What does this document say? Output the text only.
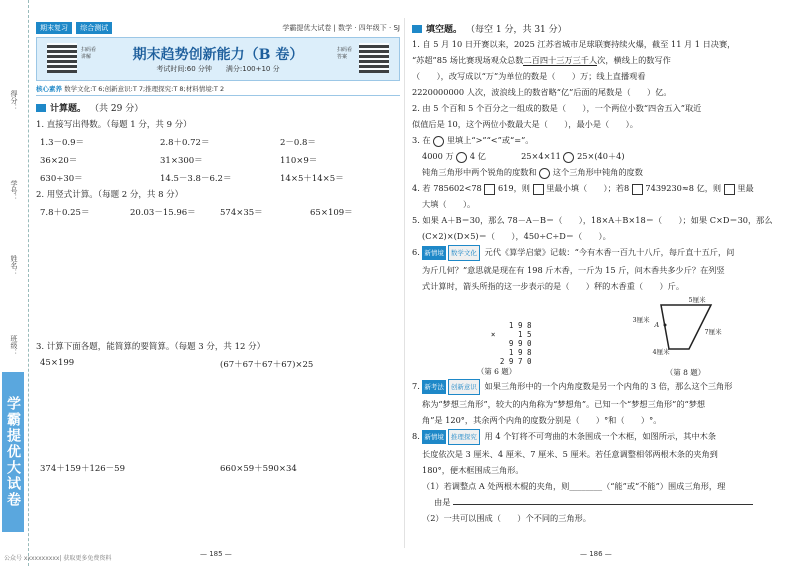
得分：
学号：
姓名：
班级：
学霸提优大试卷
公众号 xxxxxxxxxx| 获取更多免费资料
期末复习 综合测试	学霸提优大试卷 | 数学 · 四年级下 · SJ
扫码看讲解	期末趋势创新能力（B 卷）
考试时间:60 分钟　　满分:100+10 分
扫码看答案
核心素养 数学文化:T 6;创新意识:T 7;推理探究:T 8;材料情境:T 2
计算题。 （共 29 分）
1. 直接写出得数。（每题 1 分，共 9 分）
1.3－0.9＝	2.8＋0.72＝	2－0.8＝
36×20＝	31×300＝	110×9＝
630÷30＝	14.5－3.8－6.2＝	14×5＋14×5＝
2. 用竖式计算。（每题 2 分，共 8 分）
7.8＋0.25＝	20.03－15.96＝	574×35＝	65×109＝
3. 计算下面各题，能简算的要简算。（每题 3 分，共 12 分）
45×199	(67＋67＋67＋67)×25
374＋159＋126－59	660×59＋590×34
— 185 —
填空题。 （每空 1 分，共 31 分）
1. 自 5 月 10 日开赛以来，2025 江苏省城市足球联赛持续火爆，截至 11 月 1 日决赛，
“苏超”85 场比赛现场观众总数二百四十三万三千人次，横线上的数写作
（　　），改写成以“万”为单位的数是（　　）万；线上直播观看
2220000000 人次，波浪线上的数省略“亿”后面的尾数是（　　）亿。
2. 由 5 个百和 5 个百分之一组成的数是（　　），一个两位小数“四舍五入”取近
似值后是 10，这个两位小数最大是（　　），最小是（　　）。
3. 在 里填上“>”“<”或“=”。
4000 万 4 亿	25×4×11 25×(40＋4)
钝角三角形中两个锐角的度数和 这个三角形中钝角的度数
4. 若 785602<78 619，则 里最小填（　　）；若8 7439230≈8 亿，则 里最
大填（　　）。
5. 如果 A＋B＝30，那么 78－A－B＝（　　），18×A＋B×18＝（　　）；如果 C×D＝30，那么
(C×2)×(D×5)＝（　　），450÷C÷D＝（　　）。
6. 新情境 数学文化 元代《算学启蒙》记载：“今有木香一百九十八斤，每斤直十五斤，问
为斤几何？”意思就是现在有 198 斤木香，一斤为 15 斤，问木香共多少斤？在列竖
式计算时，箭头所指的这一步表示的是（　　）秤的木香重（　　）斤。
1 9 8
×     1 5
9 9 0
1 9 8
2 9 7 0
（第 6 题）
5厘米
3厘米
A
7厘米
4厘米
（第 8 题）
7. 新考法 创新意识 如果三角形中的一个内角度数是另一个内角的 3 倍，那么这个三角形
称为“梦想三角形”，较大的内角称为“梦想角”。已知一个“梦想三角形”的“梦想
角”是 120°，其余两个内角的度数分别是（　　）°和（　　）°。
8. 新情境 推理探究 用 4 个钉将不可弯曲的木条围成一个木框，如图所示，其中木条
长度依次是 3 厘米、4 厘米、7 厘米、5 厘米。若任意调整相邻两根木条的夹角到
180°，便木框围成三角形。
（1）若调整点 A 处两根木棍的夹角，则________（“能”或“不能”）围成三角形，理
由是
（2）一共可以围成（　　）个不同的三角形。
— 186 —
